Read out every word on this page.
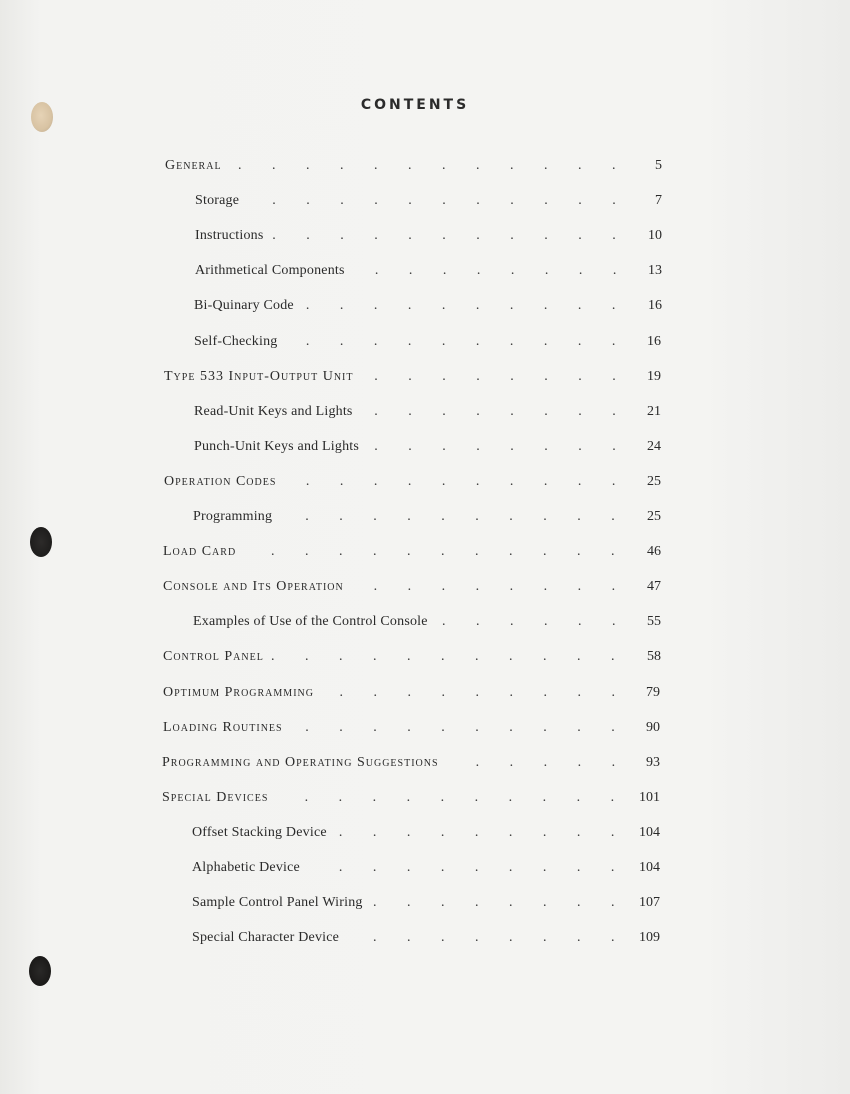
CONTENTS
General	5
. . . . . . . . . . . .
Storage	7
. . . . . . . . . . .
Instructions	10
. . . . . . . . . . .
Arithmetical Components	13
. . . . . . . .
Bi-Quinary Code	16
. . . . . . . . . .
Self-Checking	16
. . . . . . . . . .
Type 533 Input-Output Unit	19
. . . . . . . .
Read-Unit Keys and Lights	21
. . . . . . . .
Punch-Unit Keys and Lights	24
. . . . . . . .
Operation Codes	25
. . . . . . . . . .
Programming	25
. . . . . . . . . .
Load Card	46
. . . . . . . . . . .
Console and Its Operation	47
. . . . . . . .
Examples of Use of the Control Console	55
. . . . . .
Control Panel	58
. . . . . . . . . . .
Optimum Programming	79
. . . . . . . . .
Loading Routines	90
. . . . . . . . . .
Programming and Operating Suggestions	93
. . . . .
Special Devices	101
. . . . . . . . . .
Offset Stacking Device	104
. . . . . . . . .
Alphabetic Device	104
. . . . . . . . .
Sample Control Panel Wiring	107
. . . . . . . .
Special Character Device	109
. . . . . . . .
